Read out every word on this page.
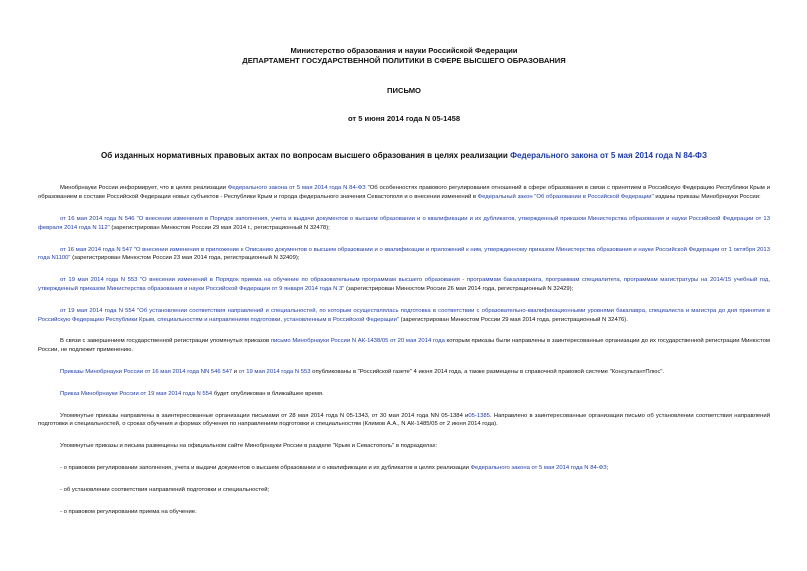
Министерство образования и науки Российской Федерации

ДЕПАРТАМЕНТ ГОСУДАРСТВЕННОЙ ПОЛИТИКИ В СФЕРЕ ВЫСШЕГО ОБРАЗОВАНИЯ

ПИСЬМО

от 5 июня 2014 года N 05-1458

Об изданных нормативных правовых актах по вопросам высшего образования в целях реализации Федерального закона от 5 мая 2014 года N 84-ФЗ

Минобрнауки России информирует, что в целях реализации Федерального закона от 5 мая 2014 года N 84-ФЗ "Об особенностях правового регулирования отношений в сфере образования в связи с принятием в Российскую Федерацию Республики Крым и образованием в составе Российской Федерации новых субъектов - Республики Крым и города федерального значения Севастополя и о внесении изменений в Федеральный закон "Об образовании в Российской Федерации" изданы приказы Минобрнауки России:

от 16 мая 2014 года N 546 "О внесении изменения в Порядок заполнения, учета и выдачи документов о высшем образовании и о квалификации и их дубликатов, утвержденный приказом Министерства образования и науки Российской Федерации от 13 февраля 2014 года N 112" (зарегистрирован Минюстом России 29 мая 2014 г., регистрационный N 32478);

от 16 мая 2014 года N 547 "О внесении изменения в приложение к Описанию документов о высшем образовании и о квалификации и приложений к ним, утвержденному приказом Министерства образования и науки Российской Федерации от 1 октября 2013 года N1100" (зарегистрирован Минюстом России 23 мая 2014 года, регистрационный N 32409);

от 19 мая 2014 года N 553 "О внесении изменений в Порядок приема на обучение по образовательным программам высшего образования - программам бакалавриата, программам специалитета, программам магистратуры на 2014/15 учебный год, утвержденный приказом Министерства образования и науки Российской Федерации от 9 января 2014 года N 3" (зарегистрирован Минюстом России 26 мая 2014 года, регистрационный N 32429);

от 19 мая 2014 года N 554 "Об установлении соответствия направлений и специальностей, по которым осуществлялась подготовка в соответствии с образовательно-квалификационными уровнями бакалавра, специалиста и магистра до дня принятия в Российскую Федерацию Республики Крым, специальностям и направлениям подготовки, установленным в Российской Федерации" (зарегистрирован Минюстом России 29 мая 2014 года, регистрационный N 32476).

В связи с завершением государственной регистрации упомянутых приказов письмо Минобрнауки России N АК-1438/05 от 20 мая 2014 года которым приказы были направлены в заинтересованные организации до их государственной регистрации Минюстом России, не подлежит применению.

Приказы Минобрнауки России от 16 мая 2014 года NN 546 547 и от 19 мая 2014 года N 553 опубликованы в "Российской газете" 4 июня 2014 года, а также размещены в справочной правовой системе "КонсультантПлюс".

Приказ Минобрнауки России от 19 мая 2014 года N 554 будет опубликован в ближайшее время.

Упомянутые приказы направлены в заинтересованные организации письмами от 28 мая 2014 года N 05-1343, от 30 мая 2014 года NN 05-1384 и05-1385. Направлено в заинтересованные организации письмо об установлении соответствия направлений подготовки и специальностей, о сроках обучения и формах обучения по направлениям подготовки и специальностям (Климов А.А., N АК-1485/05 от 2 июня 2014 года).

Упомянутые приказы и письма размещены на официальном сайте Минобрнауки России в разделе "Крым и Севастополь" в подразделах:

- о правовом регулировании заполнения, учета и выдачи документов о высшем образовании и о квалификации и их дубликатов в целях реализации Федерального закона от 5 мая 2014 года N 84-ФЗ;

- об установлении соответствия направлений подготовки и специальностей;

- о правовом регулировании приема на обучение.
